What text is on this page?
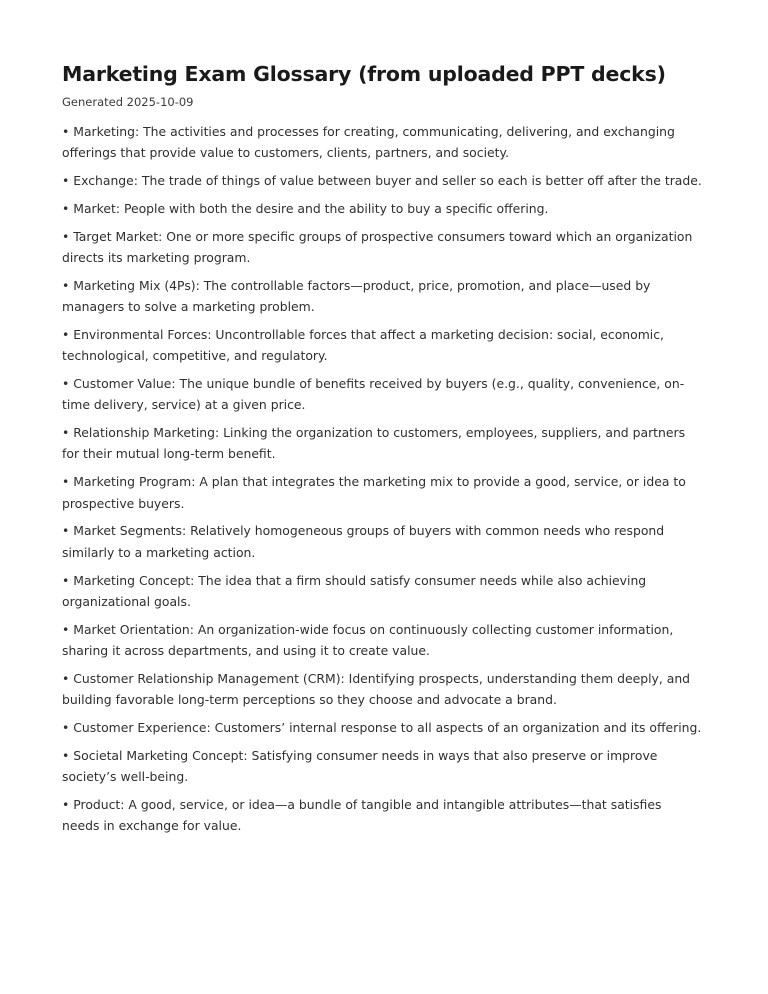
Marketing Exam Glossary (from uploaded PPT decks)
Generated 2025-10-09
• Marketing: The activities and processes for creating, communicating, delivering, and exchanging offerings that provide value to customers, clients, partners, and society.
• Exchange: The trade of things of value between buyer and seller so each is better off after the trade.
• Market: People with both the desire and the ability to buy a specific offering.
• Target Market: One or more specific groups of prospective consumers toward which an organization directs its marketing program.
• Marketing Mix (4Ps): The controllable factors—product, price, promotion, and place—used by managers to solve a marketing problem.
• Environmental Forces: Uncontrollable forces that affect a marketing decision: social, economic, technological, competitive, and regulatory.
• Customer Value: The unique bundle of benefits received by buyers (e.g., quality, convenience, on-time delivery, service) at a given price.
• Relationship Marketing: Linking the organization to customers, employees, suppliers, and partners for their mutual long-term benefit.
• Marketing Program: A plan that integrates the marketing mix to provide a good, service, or idea to prospective buyers.
• Market Segments: Relatively homogeneous groups of buyers with common needs who respond similarly to a marketing action.
• Marketing Concept: The idea that a firm should satisfy consumer needs while also achieving organizational goals.
• Market Orientation: An organization-wide focus on continuously collecting customer information, sharing it across departments, and using it to create value.
• Customer Relationship Management (CRM): Identifying prospects, understanding them deeply, and building favorable long-term perceptions so they choose and advocate a brand.
• Customer Experience: Customers’ internal response to all aspects of an organization and its offering.
• Societal Marketing Concept: Satisfying consumer needs in ways that also preserve or improve society’s well-being.
• Product: A good, service, or idea—a bundle of tangible and intangible attributes—that satisfies needs in exchange for value.
